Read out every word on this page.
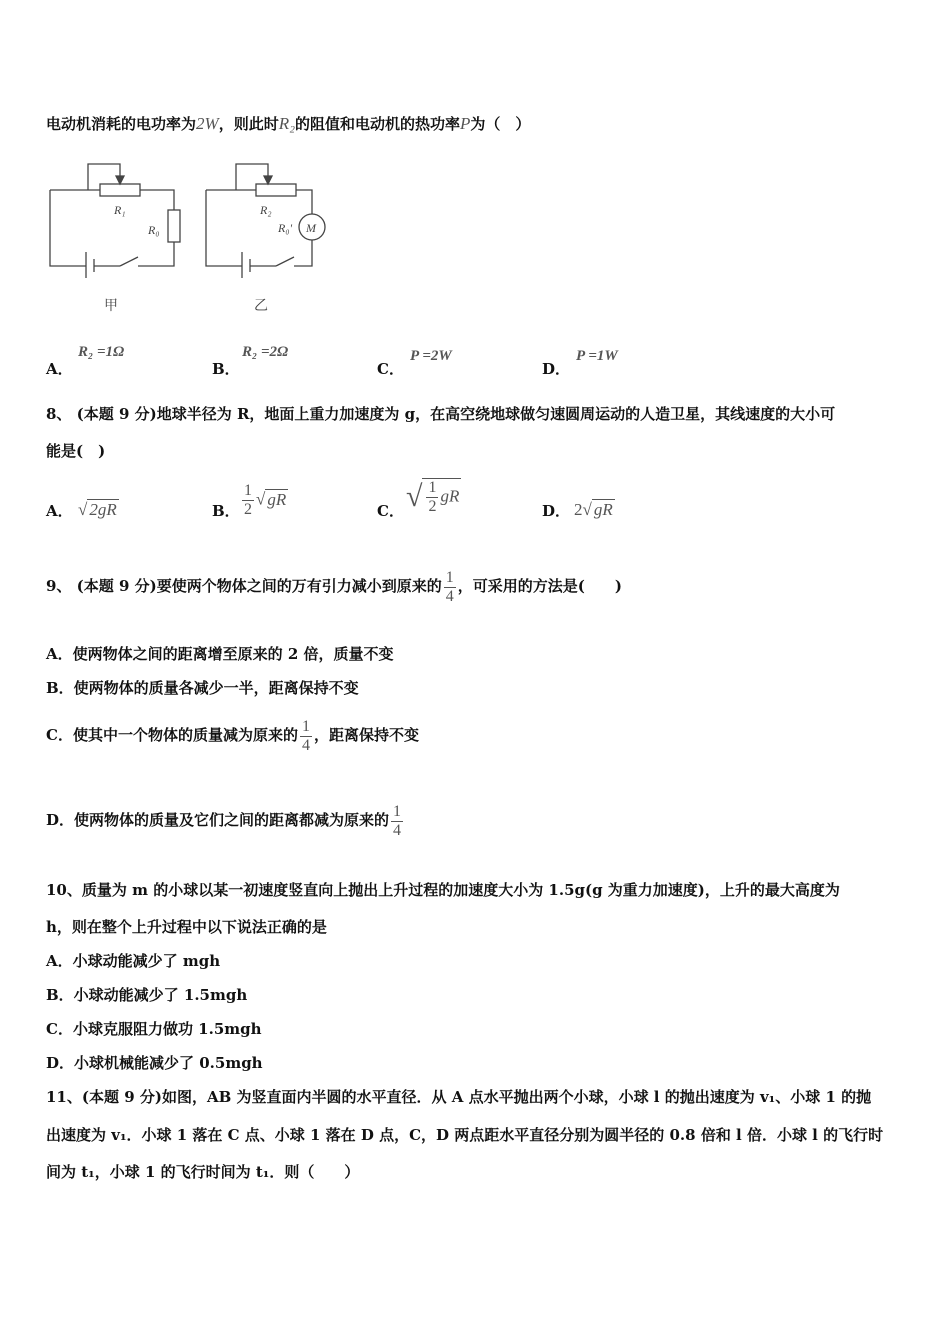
电动机消耗的电功率为2W，则此时R₂的阻值和电动机的热功率P为（　）
R₁
R₀
R₂
R₀' M
甲	乙
A．
R₂ =1Ω
B．
R₂ =2Ω
C．
P =2W
D．
P =1W
8、 (本题 9 分)地球半径为 R，地面上重力加速度为 g，在高空绕地球做匀速圆周运动的人造卫星，其线速度的大小可
能是(　)
A． √ 2gR	B． $\frac{1}{2}$ √ gR
C． √ $\frac{1}{2}$ gR
D． 2√ gR
9、 (本题 9 分)要使两个物体之间的万有引力减小到原来的 $\frac{1}{4}$ ，可采用的方法是(　　)
A．使两物体之间的距离增至原来的 2 倍，质量不变
B．使两物体的质量各减少一半，距离保持不变
C．使其中一个物体的质量减为原来的 $\frac{1}{4}$ ，距离保持不变
D．使两物体的质量及它们之间的距离都减为原来的 $\frac{1}{4}$
10、质量为 m 的小球以某一初速度竖直向上抛出上升过程的加速度大小为 1.5g(g 为重力加速度)，上升的最大高度为
h，则在整个上升过程中以下说法正确的是
A．小球动能减少了 mgh
B．小球动能减少了 1.5mgh
C．小球克服阻力做功 1.5mgh
D．小球机械能减少了 0.5mgh
11、(本题 9 分)如图，AB 为竖直面内半圆的水平直径．从 A 点水平抛出两个小球，小球 l 的抛出速度为 v₁、小球 1 的抛
出速度为 v₁．小球 1 落在 C 点、小球 1 落在 D 点，C，D 两点距水平直径分别为圆半径的 0.8 倍和 l 倍．小球 l 的飞行时
间为 t₁，小球 1 的飞行时间为 t₁．则（　　）
